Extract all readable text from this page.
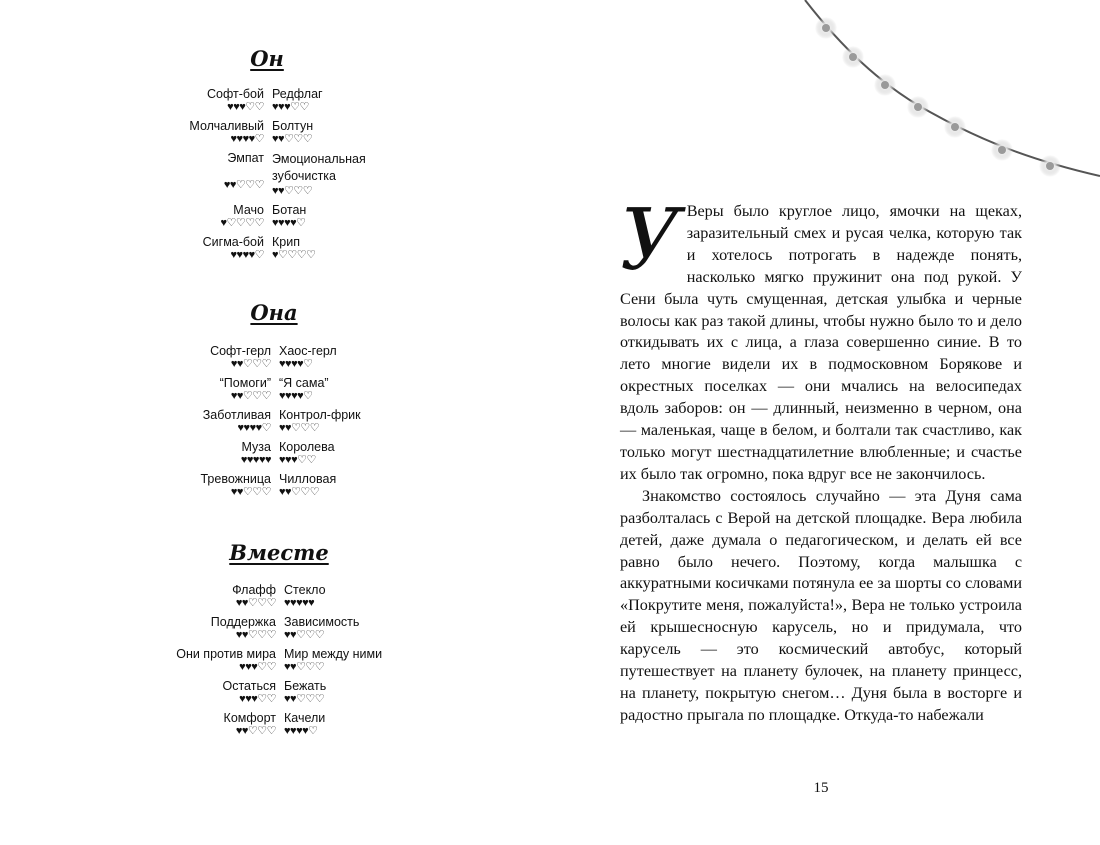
Он
Софт-бой
♥♥♥♡♡
Редфлаг
♥♥♥♡♡
Молчаливый
♥♥♥♥♡
Болтун
♥♥♡♡♡
Эмпат
♥♥♡♡♡
Эмоциональная зубочистка
♥♥♡♡♡
Мачо
♥♡♡♡♡
Ботан
♥♥♥♥♡
Сигма-бой
♥♥♥♥♡
Крип
♥♡♡♡♡
Она
Софт-герл
♥♥♡♡♡
Хаос-герл
♥♥♥♥♡
“Помоги”
♥♥♡♡♡
“Я сама”
♥♥♥♥♡
Заботливая
♥♥♥♥♡
Контрол-фрик
♥♥♡♡♡
Муза
♥♥♥♥♥
Королева
♥♥♥♡♡
Тревожница
♥♥♡♡♡
Чилловая
♥♥♡♡♡
Вместе
Флафф
♥♥♡♡♡
Стекло
♥♥♥♥♥
Поддержка
♥♥♡♡♡
Зависимость
♥♥♡♡♡
Они против мира
♥♥♥♡♡
Мир между ними
♥♥♡♡♡
Остаться
♥♥♥♡♡
Бежать
♥♥♡♡♡
Комфорт
♥♥♡♡♡
Качели
♥♥♥♥♡

У Веры было круглое лицо, ямочки на щеках, заразительный смех и русая челка, которую так и хотелось потрогать в надежде понять, насколько мягко пружинит она под рукой. У Сени была чуть смущенная, детская улыбка и черные волосы как раз такой длины, чтобы нужно было то и дело откидывать их с лица, а глаза совершенно синие. В то лето многие видели их в подмосковном Борякове и окрестных поселках — они мчались на велосипедах вдоль заборов: он — длинный, неизменно в черном, она — маленькая, чаще в белом, и болтали так счастливо, как только могут шестнадцатилетние влюбленные; и счастье их было так огромно, пока вдруг все не закончилось.

Знакомство состоялось случайно — эта Дуня сама разболталась с Верой на детской площадке. Вера любила детей, даже думала о педагогическом, и делать ей все равно было нечего. Поэтому, когда малышка с аккуратными косичками потянула ее за шорты со словами «Покрутите меня, пожалуйста!», Вера не только устроила ей крышесносную карусель, но и придумала, что карусель — это космический автобус, который путешествует на планету булочек, на планету принцесс, на планету, покрытую снегом… Дуня была в восторге и радостно прыгала по площадке. Откуда-то набежали

15
